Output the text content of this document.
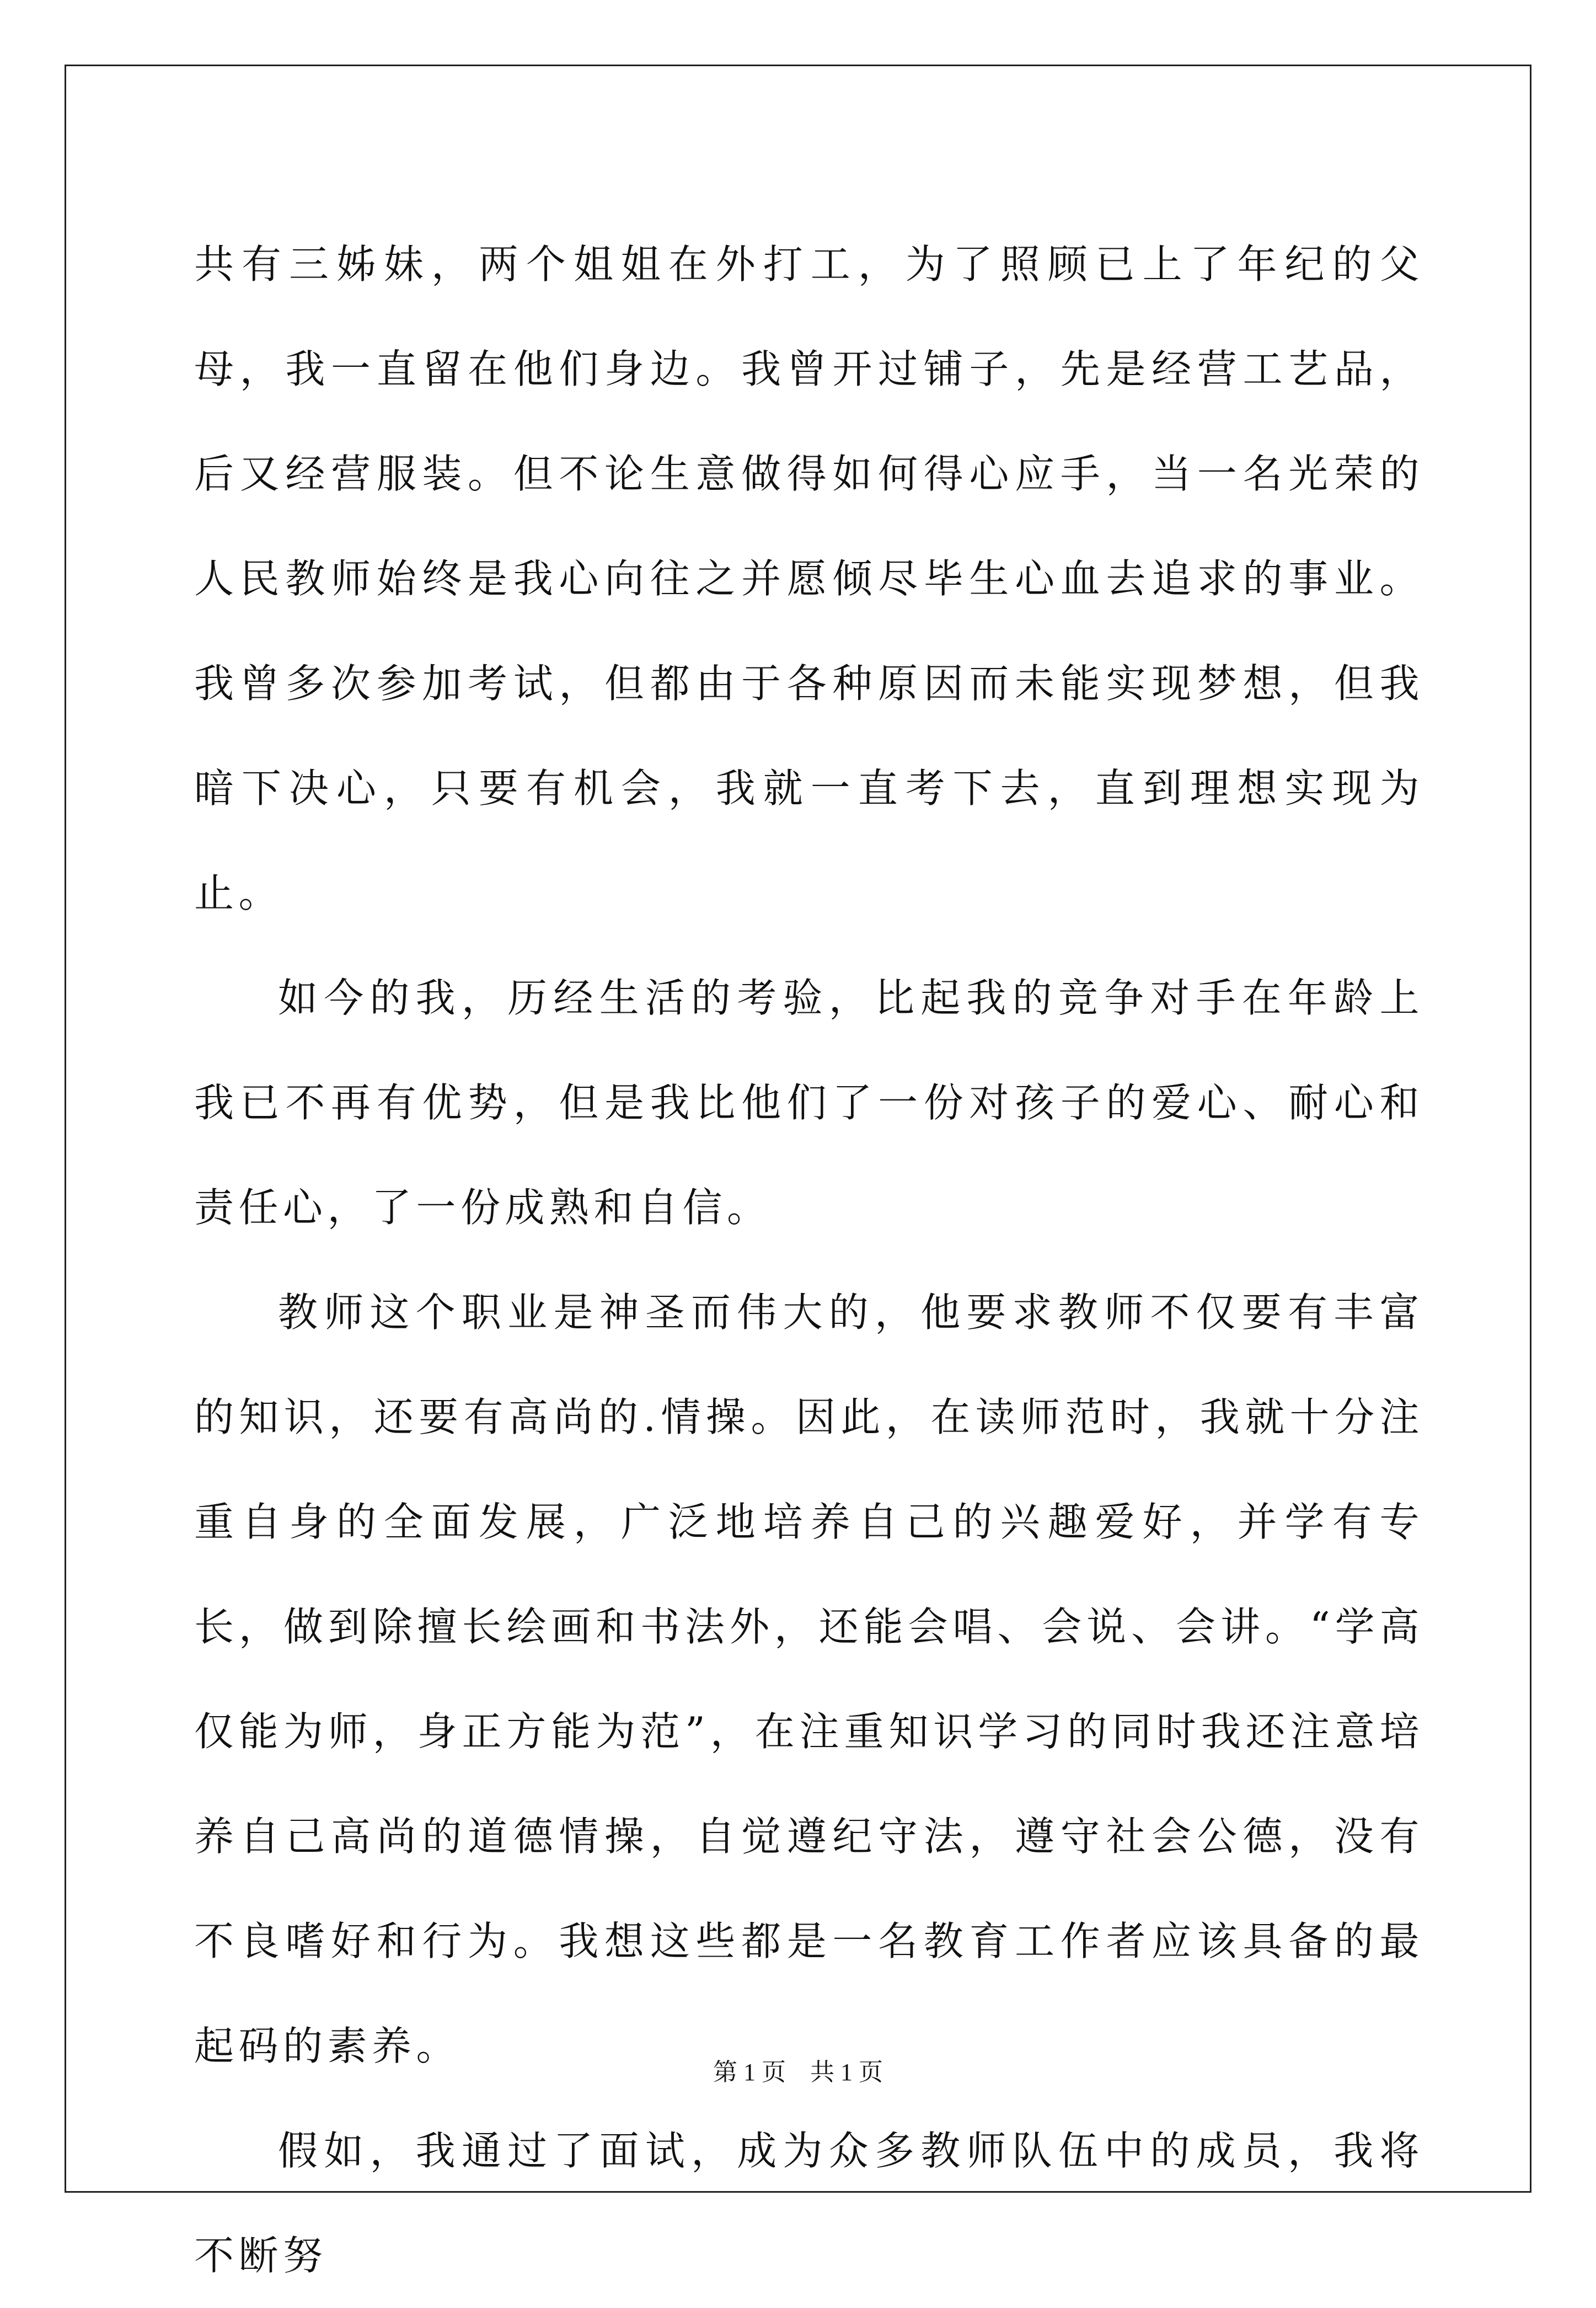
共有三姊妹，两个姐姐在外打工，为了照顾已上了年纪的父母，我一直留在他们身边。我曾开过铺子，先是经营工艺品，后又经营服装。但不论生意做得如何得心应手，当一名光荣的人民教师始终是我心向往之并愿倾尽毕生心血去追求的事业。我曾多次参加考试，但都由于各种原因而未能实现梦想，但我暗下决心，只要有机会，我就一直考下去，直到理想实现为止。

如今的我，历经生活的考验，比起我的竞争对手在年龄上我已不再有优势，但是我比他们了一份对孩子的爱心、耐心和责任心，了一份成熟和自信。

教师这个职业是神圣而伟大的，他要求教师不仅要有丰富的知识，还要有高尚的.情操。因此，在读师范时，我就十分注重自身的全面发展，广泛地培养自己的兴趣爱好，并学有专长，做到除擅长绘画和书法外，还能会唱、会说、会讲。“学高仅能为师，身正方能为范”，在注重知识学习的同时我还注意培养自己高尚的道德情操，自觉遵纪守法，遵守社会公德，没有不良嗜好和行为。我想这些都是一名教育工作者应该具备的最起码的素养。

假如，我通过了面试，成为众多教师队伍中的成员，我将不断努

第 1 页　共 1 页
